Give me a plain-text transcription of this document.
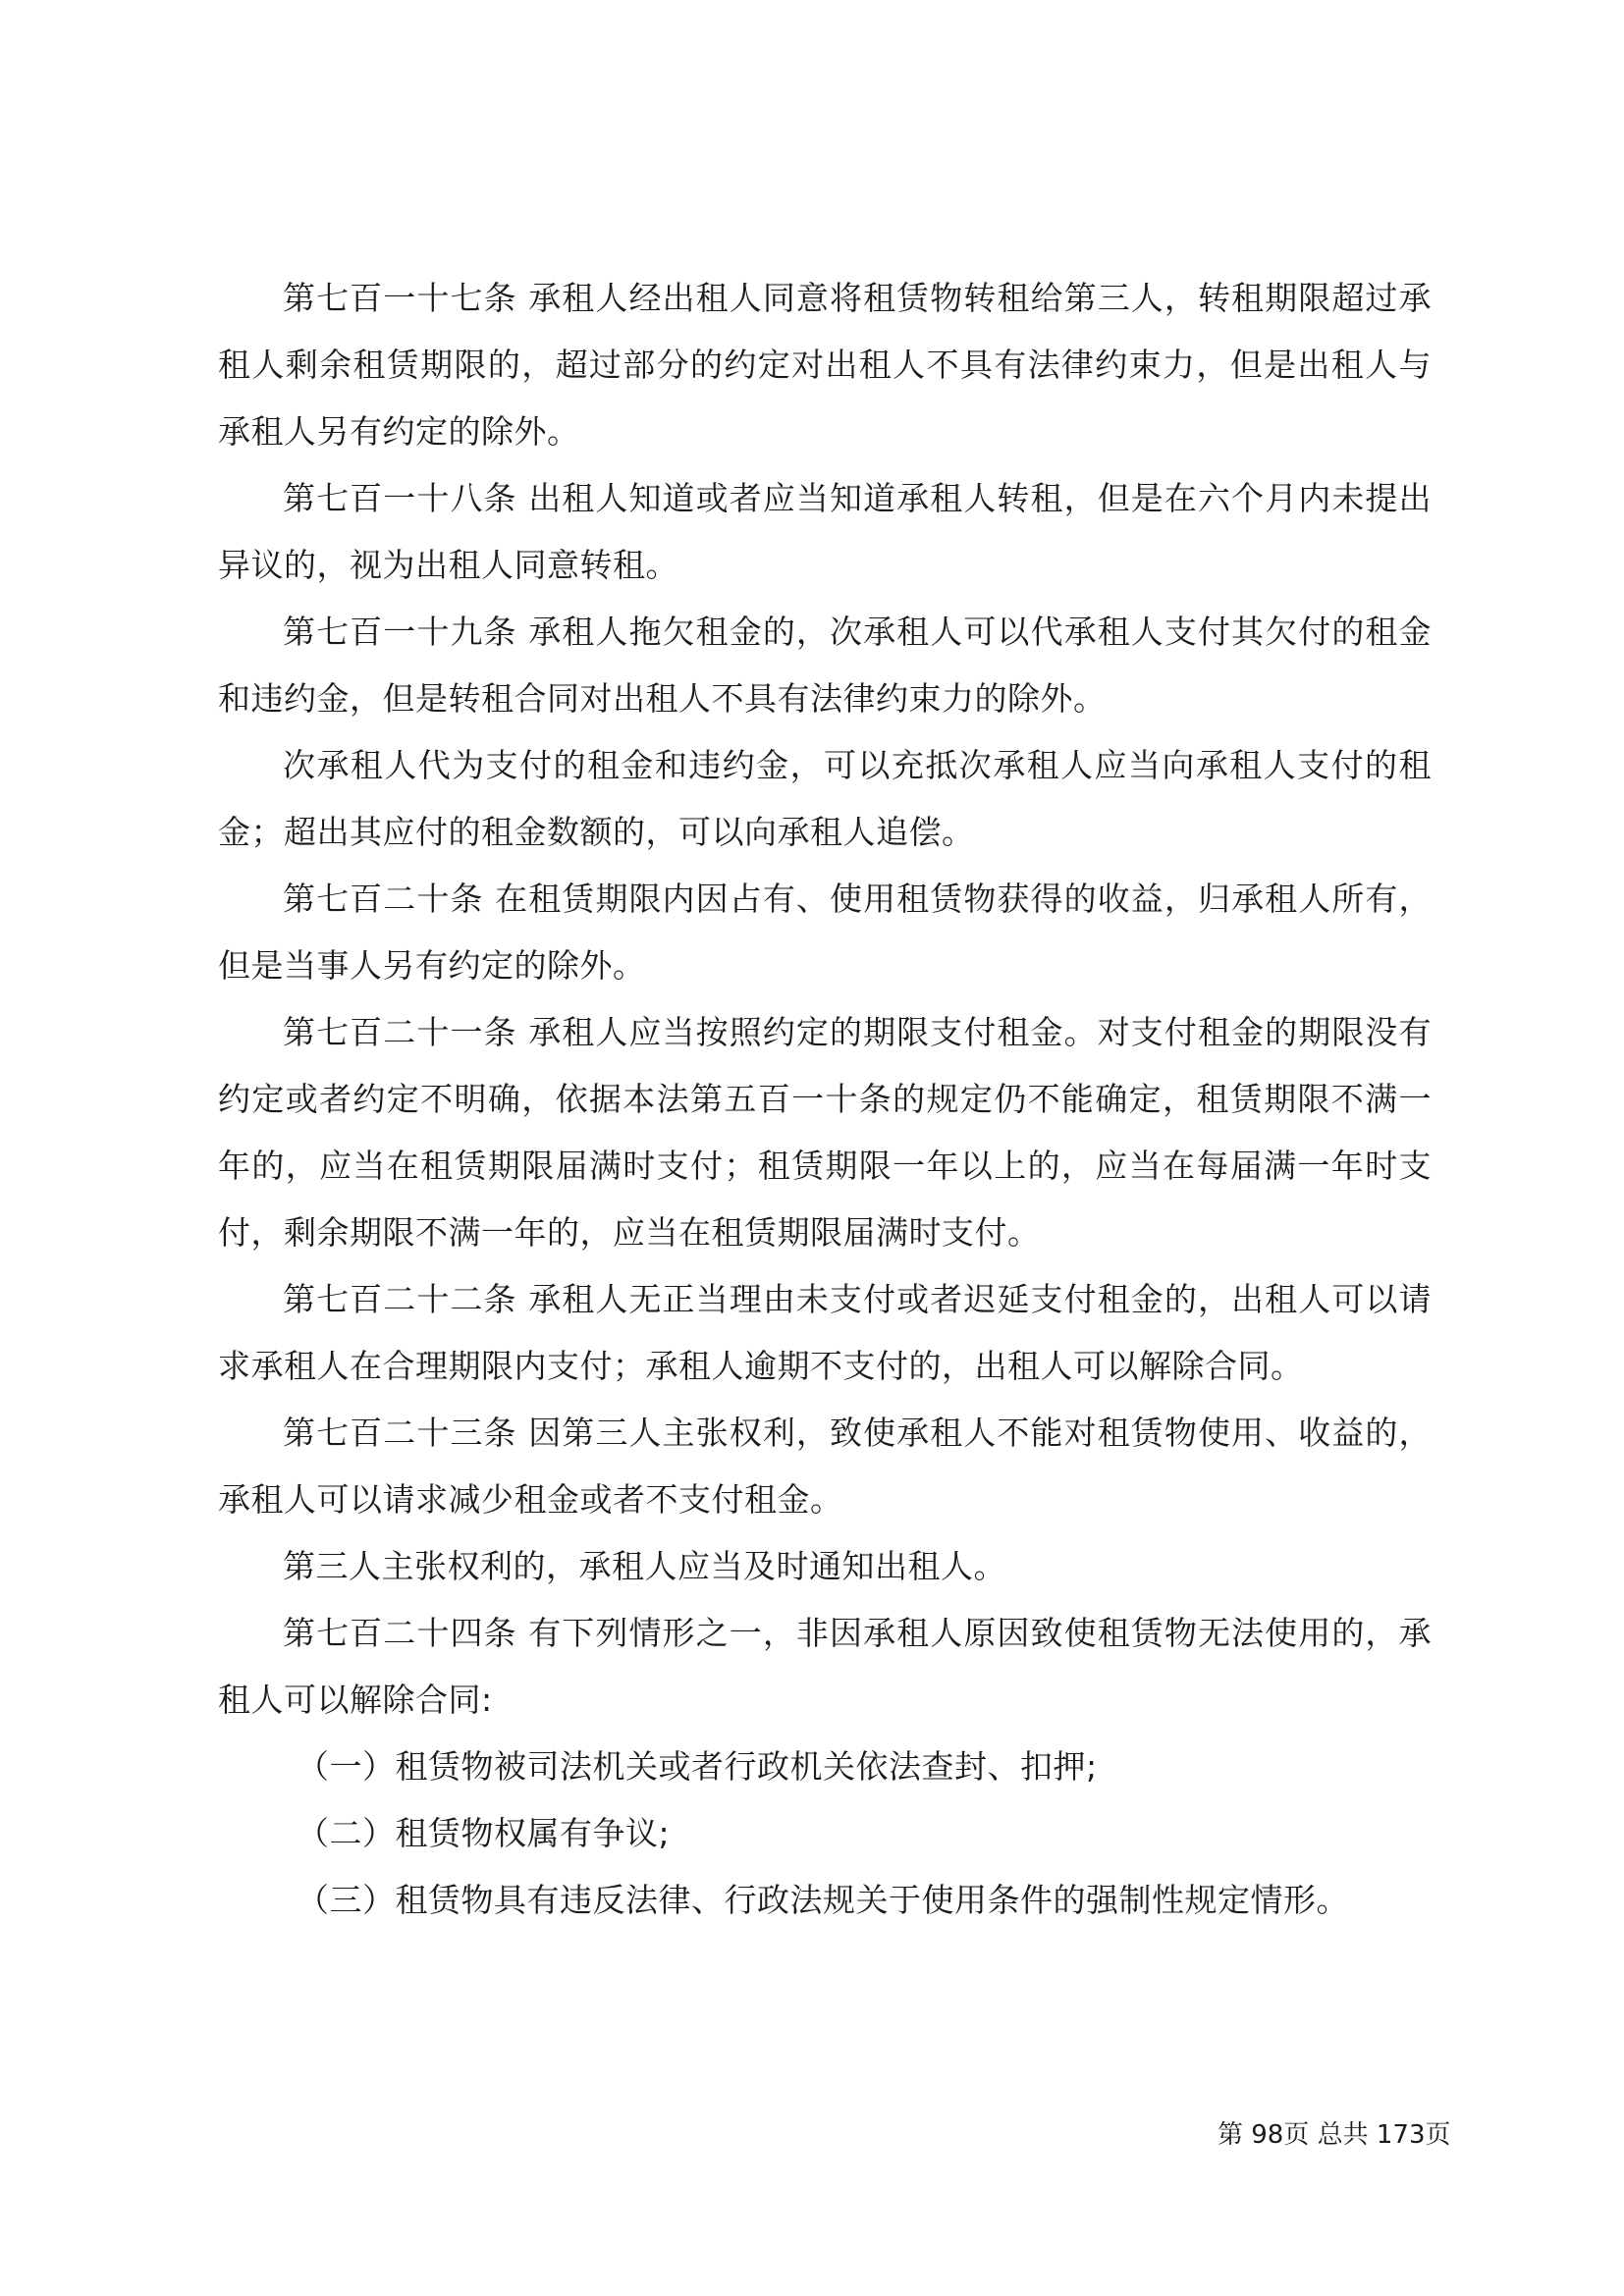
第七百一十七条 承租人经出租人同意将租赁物转租给第三人，转租期限超过承租人剩余租赁期限的，超过部分的约定对出租人不具有法律约束力，但是出租人与承租人另有约定的除外。

第七百一十八条 出租人知道或者应当知道承租人转租，但是在六个月内未提出异议的，视为出租人同意转租。

第七百一十九条 承租人拖欠租金的，次承租人可以代承租人支付其欠付的租金和违约金，但是转租合同对出租人不具有法律约束力的除外。

次承租人代为支付的租金和违约金，可以充抵次承租人应当向承租人支付的租金；超出其应付的租金数额的，可以向承租人追偿。

第七百二十条 在租赁期限内因占有、使用租赁物获得的收益，归承租人所有，但是当事人另有约定的除外。

第七百二十一条 承租人应当按照约定的期限支付租金。对支付租金的期限没有约定或者约定不明确，依据本法第五百一十条的规定仍不能确定，租赁期限不满一年的，应当在租赁期限届满时支付；租赁期限一年以上的，应当在每届满一年时支付，剩余期限不满一年的，应当在租赁期限届满时支付。

第七百二十二条 承租人无正当理由未支付或者迟延支付租金的，出租人可以请求承租人在合理期限内支付；承租人逾期不支付的，出租人可以解除合同。

第七百二十三条 因第三人主张权利，致使承租人不能对租赁物使用、收益的，承租人可以请求减少租金或者不支付租金。

第三人主张权利的，承租人应当及时通知出租人。

第七百二十四条 有下列情形之一，非因承租人原因致使租赁物无法使用的，承租人可以解除合同:

（一）租赁物被司法机关或者行政机关依法查封、扣押;

（二）租赁物权属有争议;

（三）租赁物具有违反法律、行政法规关于使用条件的强制性规定情形。

第 98页 总共 173页
